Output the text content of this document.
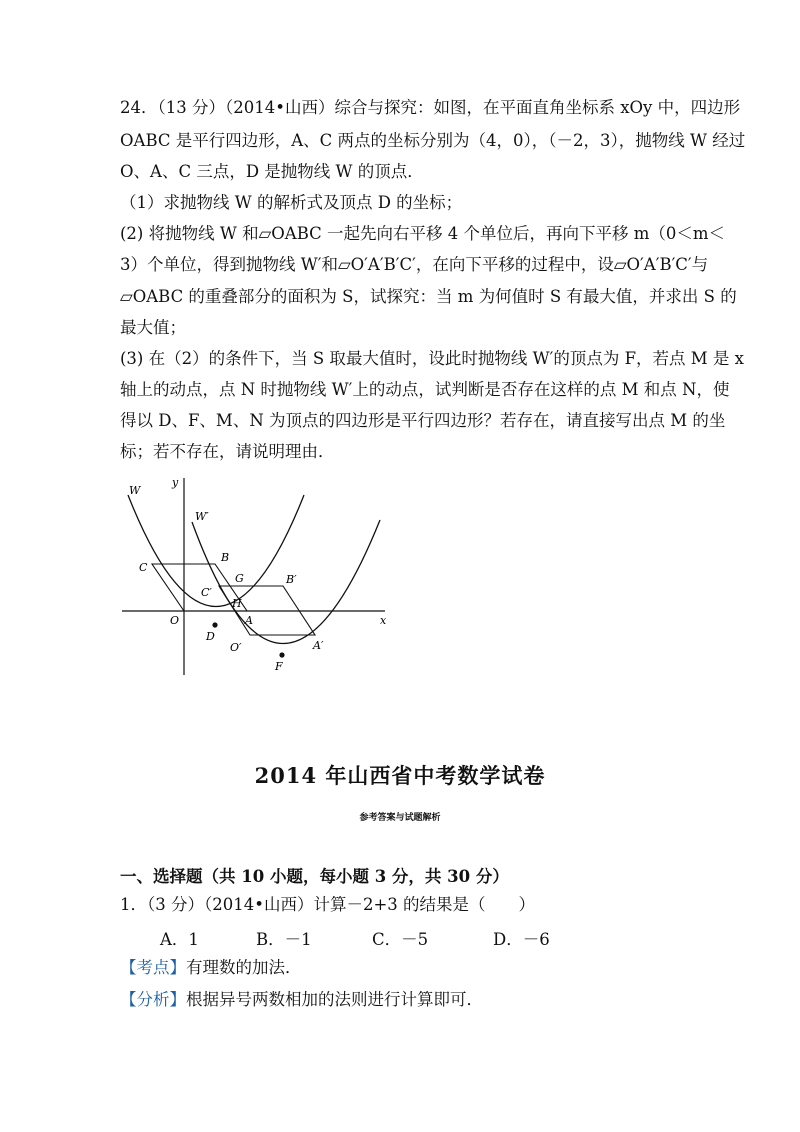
24．（13 分）（2014•山西）综合与探究：如图，在平面直角坐标系 xOy 中，四边形
OABC 是平行四边形，A、C 两点的坐标分别为（4，0），（－2，3），抛物线 W 经过
O、A、C 三点，D 是抛物线 W 的顶点．
（1）求抛物线 W 的解析式及顶点 D 的坐标；
(2) 将抛物线 W 和▱OABC 一起先向右平移 4 个单位后，再向下平移 m（0＜m＜
3）个单位，得到抛物线 W′和▱O′A′B′C′，在向下平移的过程中，设▱O′A′B′C′与
▱OABC 的重叠部分的面积为 S，试探究：当 m 为何值时 S 有最大值，并求出 S 的
最大值；
(3) 在（2）的条件下，当 S 取最大值时，设此时抛物线 W′的顶点为 F，若点 M 是 x
轴上的动点，点 N 时抛物线 W′上的动点，试判断是否存在这样的点 M 和点 N，使
得以 D、F、M、N 为顶点的四边形是平行四边形？若存在，请直接写出点 M 的坐
标；若不存在，请说明理由．
W
y
W′
B
C
G	B′
C′
H
O	A	x
D
O′	A′
F
2014 年山西省中考数学试卷
参考答案与试题解析
一、选择题（共 10 小题，每小题 3 分，共 30 分）
1．（3 分）（2014•山西）计算－2+3 的结果是（　　）
A．1	B．－1	C．－5	D．－6
【考点】有理数的加法．
【分析】根据异号两数相加的法则进行计算即可．
